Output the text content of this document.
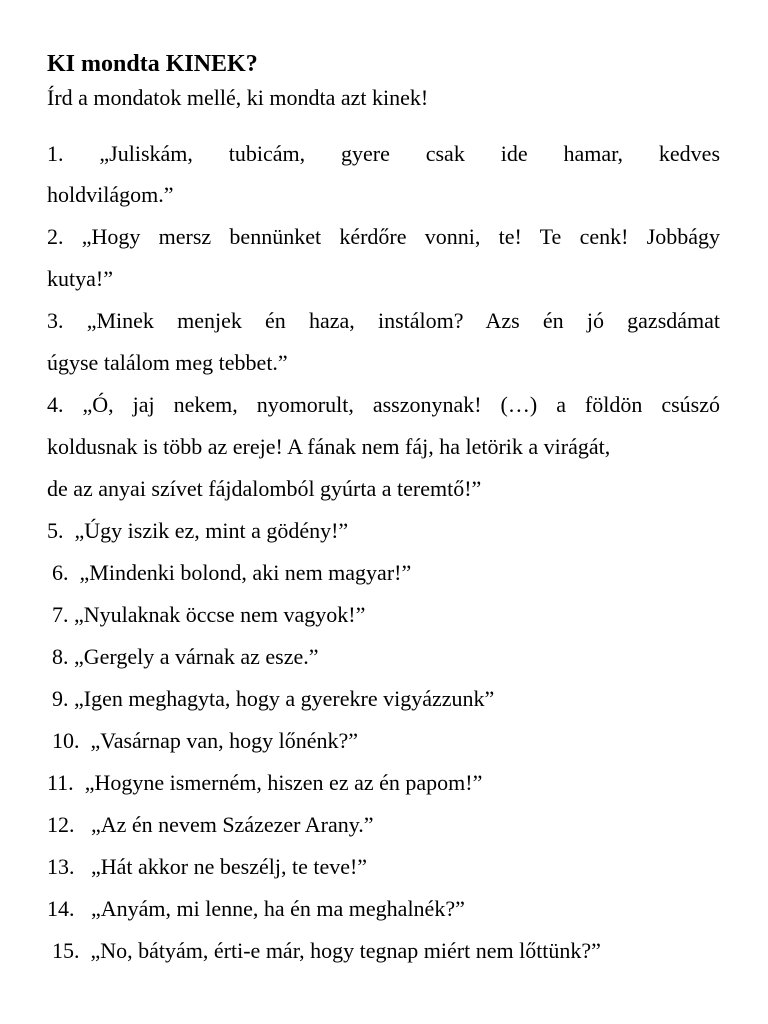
KI mondta KINEK?
Írd a mondatok mellé, ki mondta azt kinek!
1. „Juliskám, tubicám, gyere csak ide hamar, kedves
holdvilágom.”
2. „Hogy mersz bennünket kérdőre vonni, te! Te cenk! Jobbágy
kutya!”
3. „Minek menjek én haza, instálom? Azs én jó gazsdámat
úgyse találom meg tebbet.”
4. „Ó, jaj nekem, nyomorult, asszonynak! (…) a földön csúszó
koldusnak is több az ereje! A fának nem fáj, ha letörik a virágát,
de az anyai szívet fájdalomból gyúrta a teremtő!”
5. „Úgy iszik ez, mint a gödény!”
6. „Mindenki bolond, aki nem magyar!”
7. „Nyulaknak öccse nem vagyok!”
8. „Gergely a várnak az esze.”
9. „Igen meghagyta, hogy a gyerekre vigyázzunk”
10. „Vasárnap van, hogy lőnénk?”
11. „Hogyne ismerném, hiszen ez az én papom!”
12. „Az én nevem Százezer Arany.”
13. „Hát akkor ne beszélj, te teve!”
14. „Anyám, mi lenne, ha én ma meghalnék?”
15. „No, bátyám, érti-e már, hogy tegnap miért nem lőttünk?”
